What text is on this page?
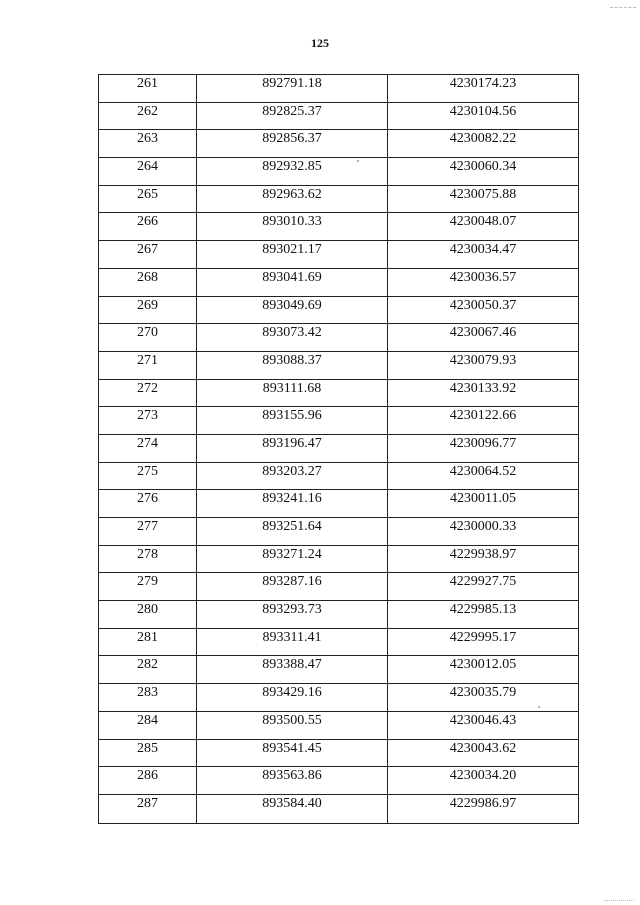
125
261	892791.18	4230174.23
262	892825.37	4230104.56
263	892856.37	4230082.22
264	892932.85	4230060.34
265	892963.62	4230075.88
266	893010.33	4230048.07
267	893021.17	4230034.47
268	893041.69	4230036.57
269	893049.69	4230050.37
270	893073.42	4230067.46
271	893088.37	4230079.93
272	893111.68	4230133.92
273	893155.96	4230122.66
274	893196.47	4230096.77
275	893203.27	4230064.52
276	893241.16	4230011.05
277	893251.64	4230000.33
278	893271.24	4229938.97
279	893287.16	4229927.75
280	893293.73	4229985.13
281	893311.41	4229995.17
282	893388.47	4230012.05
283	893429.16	4230035.79
284	893500.55	4230046.43
285	893541.45	4230043.62
286	893563.86	4230034.20
287	893584.40	4229986.97
